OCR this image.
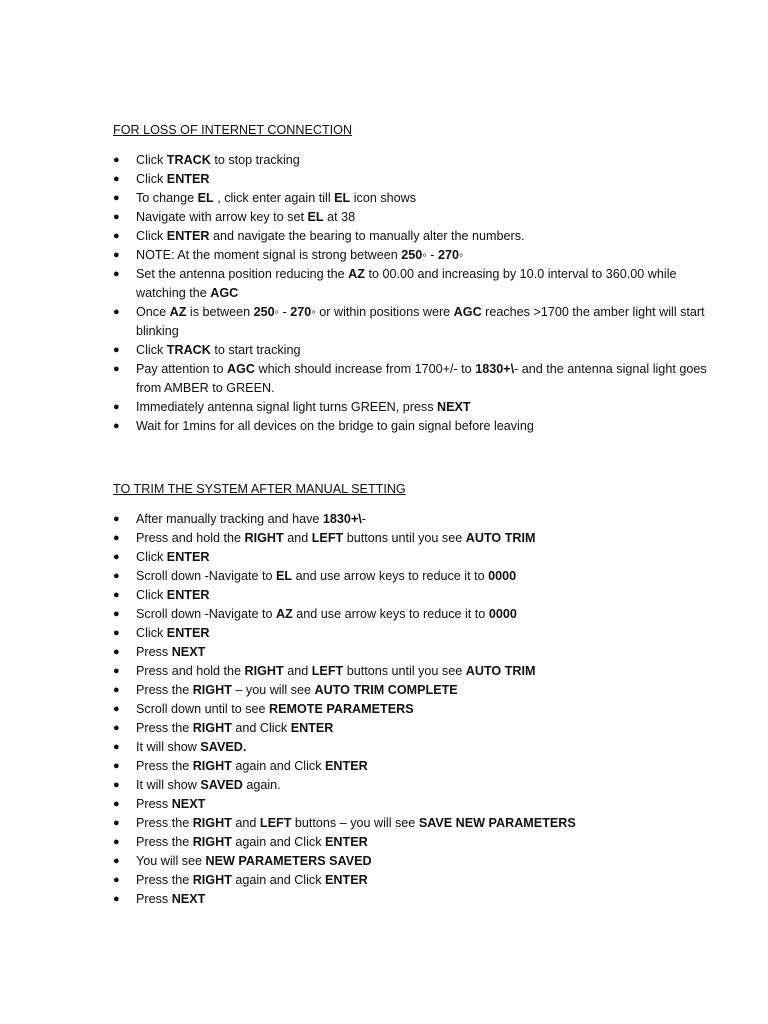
FOR LOSS OF INTERNET CONNECTION
● Click TRACK to stop tracking
● Click ENTER
● To change EL , click enter again till EL icon shows
● Navigate with arrow key to set EL at 38
● Click ENTER and navigate the bearing to manually alter the numbers.
● NOTE: At the moment signal is strong between 250◦ - 270◦
● Set the antenna position reducing the AZ to 00.00 and increasing by 10.0 interval to 360.00 while watching the AGC
● Once AZ is between 250◦ - 270◦ or within positions were AGC reaches >1700 the amber light will start blinking
● Click TRACK to start tracking
● Pay attention to AGC which should increase from 1700+/- to 1830+\- and the antenna signal light goes from AMBER to GREEN.
● Immediately antenna signal light turns GREEN, press NEXT
● Wait for 1mins for all devices on the bridge to gain signal before leaving
TO TRIM THE SYSTEM AFTER MANUAL SETTING
● After manually tracking and have 1830+\-
● Press and hold the RIGHT and LEFT buttons until you see AUTO TRIM
● Click ENTER
● Scroll down -Navigate to EL and use arrow keys to reduce it to 0000
● Click ENTER
● Scroll down -Navigate to AZ and use arrow keys to reduce it to 0000
● Click ENTER
● Press NEXT
● Press and hold the RIGHT and LEFT buttons until you see AUTO TRIM
● Press the RIGHT – you will see AUTO TRIM COMPLETE
● Scroll down until to see REMOTE PARAMETERS
● Press the RIGHT and Click ENTER
● It will show SAVED.
● Press the RIGHT again and Click ENTER
● It will show SAVED again.
● Press NEXT
● Press the RIGHT and LEFT buttons – you will see SAVE NEW PARAMETERS
● Press the RIGHT again and Click ENTER
● You will see NEW PARAMETERS SAVED
● Press the RIGHT again and Click ENTER
● Press NEXT
